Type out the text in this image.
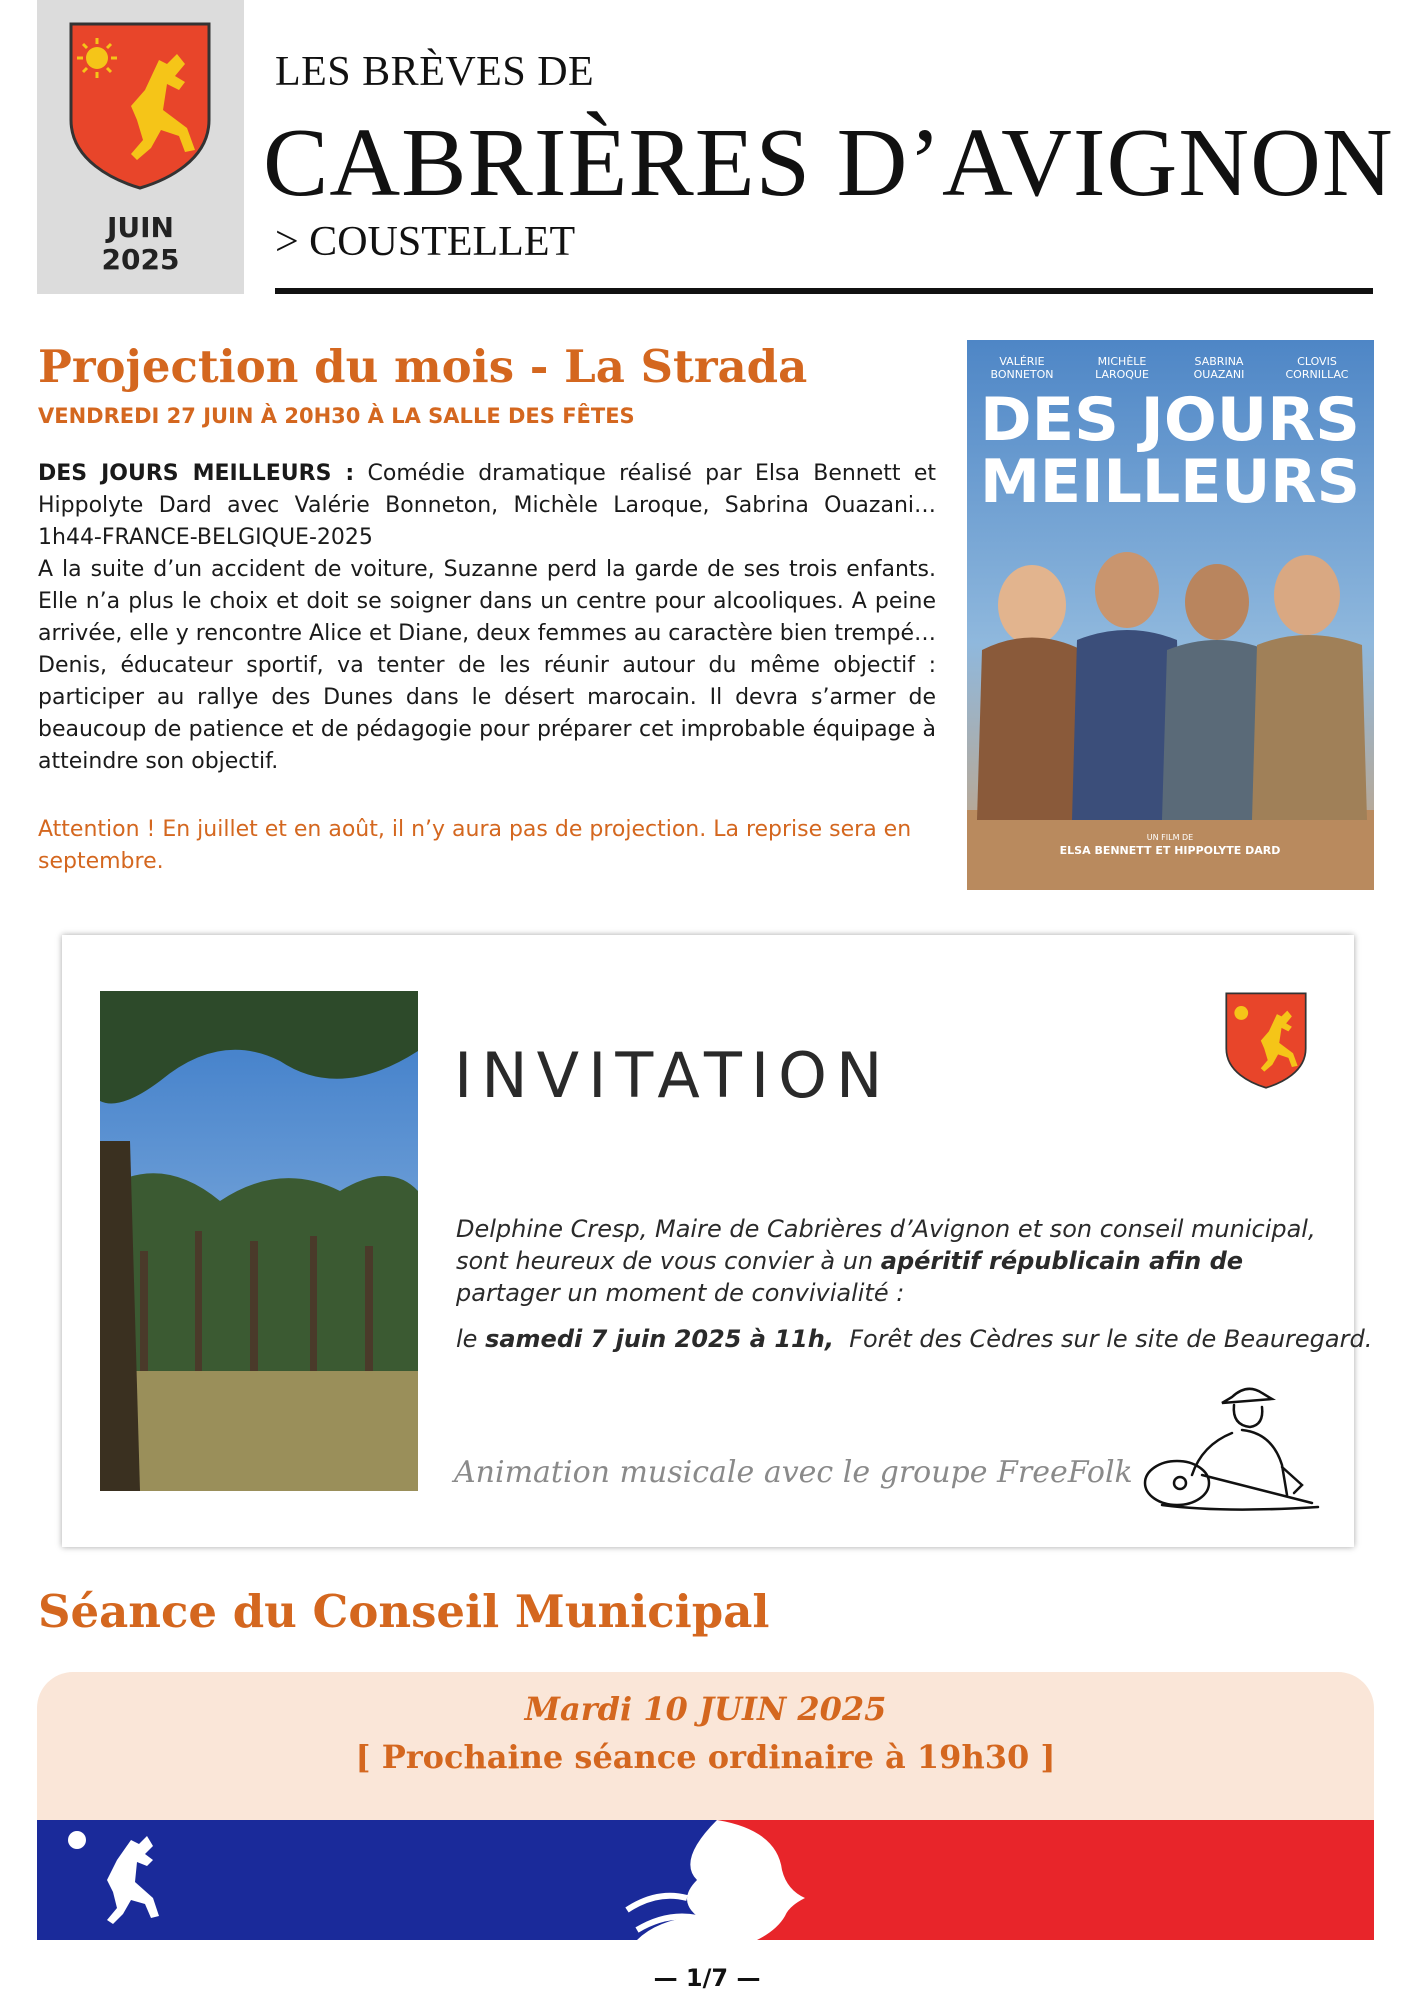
JUIN
2025
LES BRÈVES DE
CABRIÈRES D’AVIGNON
> COUSTELLET
Projection du mois - La Strada
VENDREDI 27 JUIN À 20H30 À LA SALLE DES FÊTES

DES JOURS MEILLEURS : Comédie dramatique réalisé par Elsa Bennett et Hippolyte Dard avec Valérie Bonneton, Michèle Laroque, Sabrina Ouazani… 1h44-FRANCE-BELGIQUE-2025

A la suite d’un accident de voiture, Suzanne perd la garde de ses trois enfants. Elle n’a plus le choix et doit se soigner dans un centre pour alcooliques. A peine arrivée, elle y rencontre Alice et Diane, deux femmes au caractère bien trempé… Denis, éducateur sportif, va tenter de les réunir autour du même objectif : participer au rallye des Dunes dans le désert marocain. Il devra s’armer de beaucoup de patience et de pédagogie pour préparer cet improbable équipage à atteindre son objectif.

Attention ! En juillet et en août, il n’y aura pas de projection. La reprise sera en septembre.
VALÉRIE
BONNETON
MICHÈLE
LAROQUE
SABRINA
OUAZANI
CLOVIS
CORNILLAC
DES JOURS
MEILLEURS
UN FILM DE
ELSA BENNETT ET HIPPOLYTE DARD
INVITATION
Delphine Cresp, Maire de Cabrières d’Avignon et son conseil municipal, sont heureux de vous convier à un apéritif républicain afin de partager un moment de convivialité :
le samedi 7 juin 2025 à 11h,  Forêt des Cèdres sur le site de Beauregard.
Animation musicale avec le groupe FreeFolk
Séance du Conseil Municipal
Mardi 10 JUIN 2025
[ Prochaine séance ordinaire à 19h30 ]
— 1/7 —
